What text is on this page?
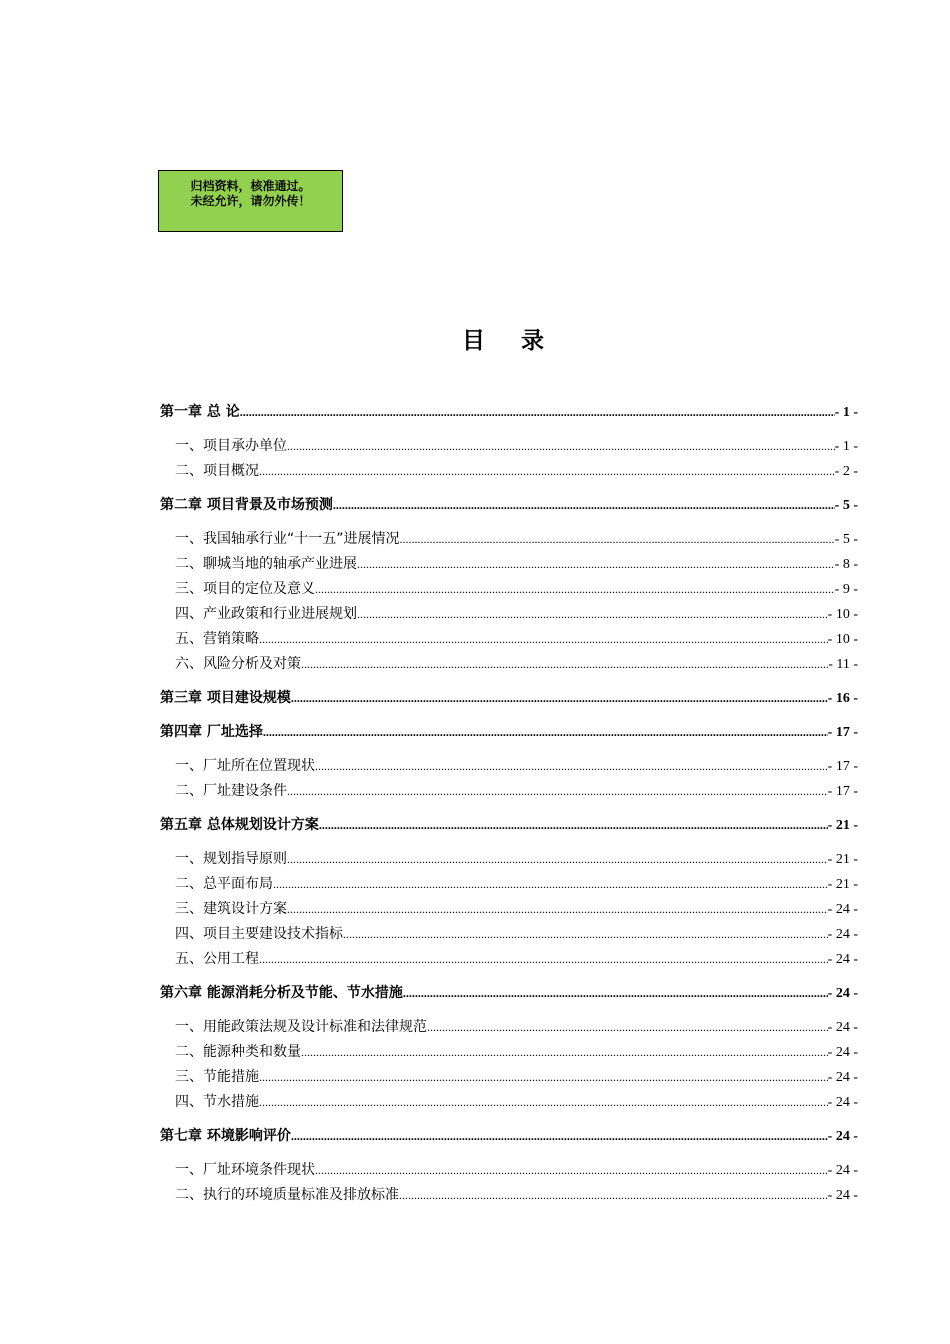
归档资料，核准通过。
未经允许，请勿外传！
目 录
第一章 总 论 .....	- 1 -
一、项目承办单位 .....	- 1 -
二、项目概况 .....	- 2 -
第二章 项目背景及市场预测 .....	- 5 -
一、我国轴承行业“十一五”进展情况 .....	- 5 -
二、聊城当地的轴承产业进展 .....	- 8 -
三、项目的定位及意义 .....	- 9 -
四、产业政策和行业进展规划 .....	- 10 -
五、营销策略 .....	- 10 -
六、风险分析及对策 .....	- 11 -
第三章 项目建设规模 .....	- 16 -
第四章 厂址选择 .....	- 17 -
一、厂址所在位置现状 .....	- 17 -
二、厂址建设条件 .....	- 17 -
第五章 总体规划设计方案 .....	- 21 -
一、规划指导原则 .....	- 21 -
二、总平面布局 .....	- 21 -
三、建筑设计方案 .....	- 24 -
四、项目主要建设技术指标 .....	- 24 -
五、公用工程 .....	- 24 -
第六章 能源消耗分析及节能、节水措施 .....	- 24 -
一、用能政策法规及设计标准和法律规范 .....	- 24 -
二、能源种类和数量 .....	- 24 -
三、节能措施 .....	- 24 -
四、节水措施 .....	- 24 -
第七章 环境影响评价 .....	- 24 -
一、厂址环境条件现状 .....	- 24 -
二、执行的环境质量标准及排放标准 .....	- 24 -
